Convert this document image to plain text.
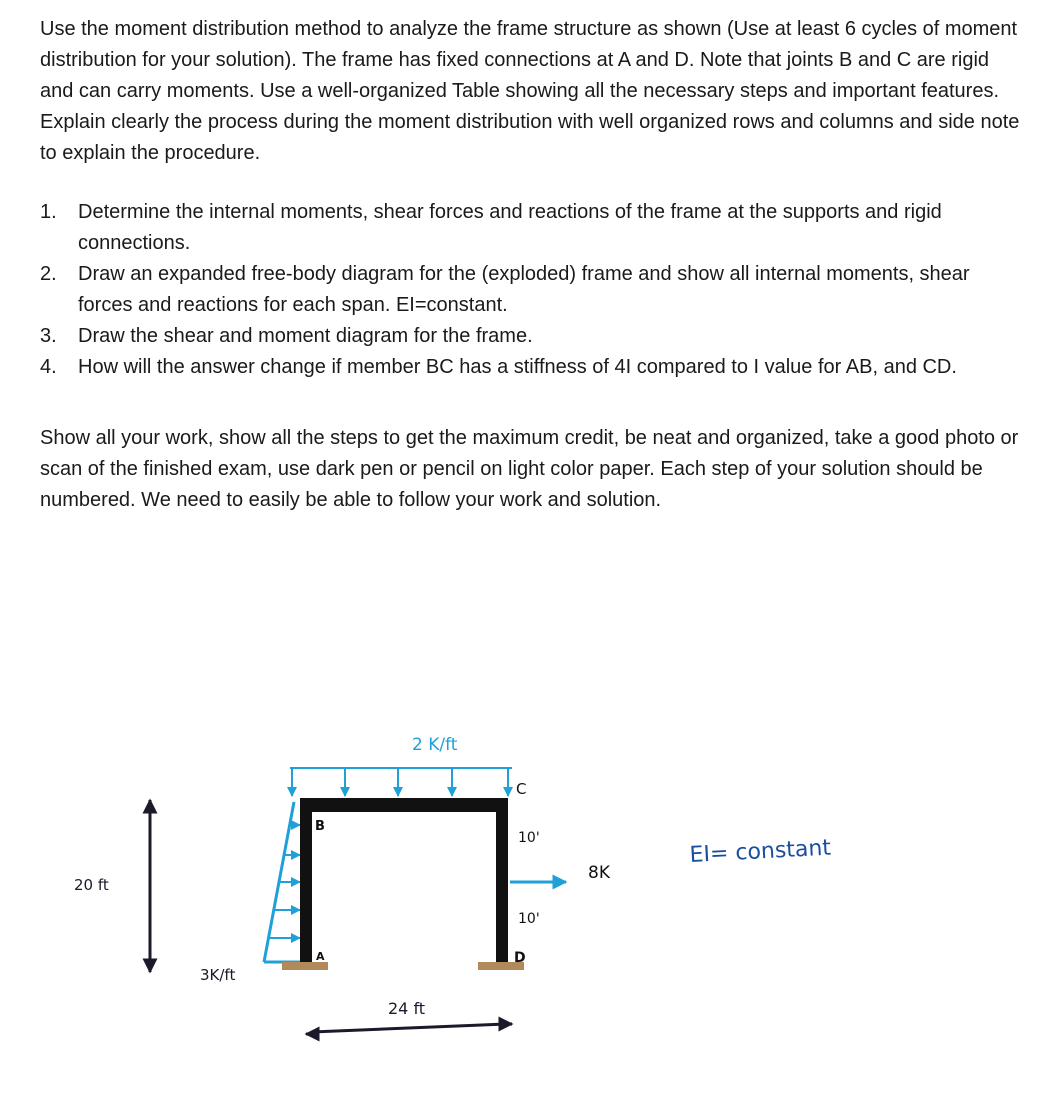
Use the moment distribution method to analyze the frame structure as shown (Use at least 6 cycles of moment distribution for your solution). The frame has fixed connections at A and D. Note that joints B and C are rigid and can carry moments. Use a well-organized Table showing all the necessary steps and important features. Explain clearly the process during the moment distribution with well organized rows and columns and side note to explain the procedure.

1. Determine the internal moments, shear forces and reactions of the frame at the supports and rigid connections.
2. Draw an expanded free-body diagram for the (exploded) frame and show all internal moments, shear forces and reactions for each span. EI=constant.
3. Draw the shear and moment diagram for the frame.
4. How will the answer change if member BC has a stiffness of 4I compared to I value for AB, and CD.

Show all your work, show all the steps to get the maximum credit, be neat and organized, take a good photo or scan of the finished exam, use dark pen or pencil on light color paper. Each step of your solution should be numbered. We need to easily be able to follow your work and solution.

2 K/ft
3K/ft
B
A
C
D
10'
10'
8K
EI= constant
20 ft
24 ft
